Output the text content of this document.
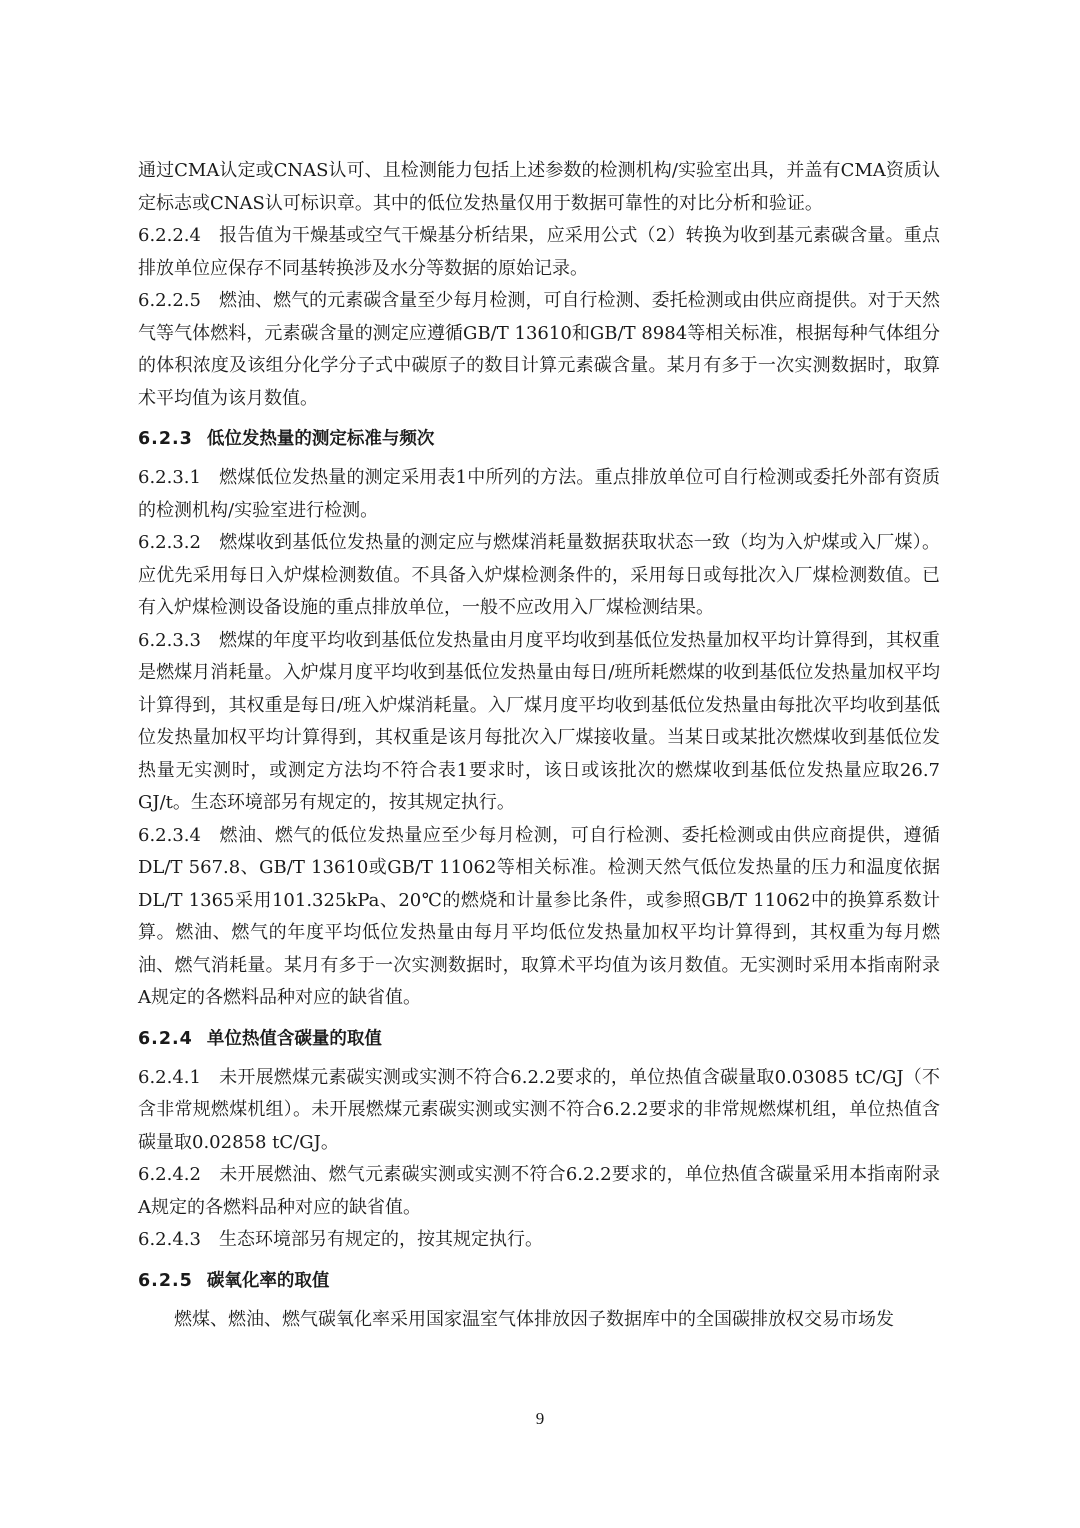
通过CMA认定或CNAS认可、且检测能力包括上述参数的检测机构/实验室出具，并盖有CMA资质认定标志或CNAS认可标识章。其中的低位发热量仅用于数据可靠性的对比分析和验证。

6.2.2.4 报告值为干燥基或空气干燥基分析结果，应采用公式（2）转换为收到基元素碳含量。重点排放单位应保存不同基转换涉及水分等数据的原始记录。

6.2.2.5 燃油、燃气的元素碳含量至少每月检测，可自行检测、委托检测或由供应商提供。对于天然气等气体燃料，元素碳含量的测定应遵循GB/T 13610和GB/T 8984等相关标准，根据每种气体组分的体积浓度及该组分化学分子式中碳原子的数目计算元素碳含量。某月有多于一次实测数据时，取算术平均值为该月数值。

6.2.3 低位发热量的测定标准与频次

6.2.3.1 燃煤低位发热量的测定采用表1中所列的方法。重点排放单位可自行检测或委托外部有资质的检测机构/实验室进行检测。

6.2.3.2 燃煤收到基低位发热量的测定应与燃煤消耗量数据获取状态一致（均为入炉煤或入厂煤）。应优先采用每日入炉煤检测数值。不具备入炉煤检测条件的，采用每日或每批次入厂煤检测数值。已有入炉煤检测设备设施的重点排放单位，一般不应改用入厂煤检测结果。

6.2.3.3 燃煤的年度平均收到基低位发热量由月度平均收到基低位发热量加权平均计算得到，其权重是燃煤月消耗量。入炉煤月度平均收到基低位发热量由每日/班所耗燃煤的收到基低位发热量加权平均计算得到，其权重是每日/班入炉煤消耗量。入厂煤月度平均收到基低位发热量由每批次平均收到基低位发热量加权平均计算得到，其权重是该月每批次入厂煤接收量。当某日或某批次燃煤收到基低位发热量无实测时，或测定方法均不符合表1要求时，该日或该批次的燃煤收到基低位发热量应取26.7 GJ/t。生态环境部另有规定的，按其规定执行。

6.2.3.4 燃油、燃气的低位发热量应至少每月检测，可自行检测、委托检测或由供应商提供，遵循DL/T 567.8、GB/T 13610或GB/T 11062等相关标准。检测天然气低位发热量的压力和温度依据DL/T 1365采用101.325kPa、20℃的燃烧和计量参比条件，或参照GB/T 11062中的换算系数计算。燃油、燃气的年度平均低位发热量由每月平均低位发热量加权平均计算得到，其权重为每月燃油、燃气消耗量。某月有多于一次实测数据时，取算术平均值为该月数值。无实测时采用本指南附录A规定的各燃料品种对应的缺省值。

6.2.4 单位热值含碳量的取值

6.2.4.1 未开展燃煤元素碳实测或实测不符合6.2.2要求的，单位热值含碳量取0.03085 tC/GJ（不含非常规燃煤机组）。未开展燃煤元素碳实测或实测不符合6.2.2要求的非常规燃煤机组，单位热值含碳量取0.02858 tC/GJ。

6.2.4.2 未开展燃油、燃气元素碳实测或实测不符合6.2.2要求的，单位热值含碳量采用本指南附录A规定的各燃料品种对应的缺省值。

6.2.4.3 生态环境部另有规定的，按其规定执行。

6.2.5 碳氧化率的取值

燃煤、燃油、燃气碳氧化率采用国家温室气体排放因子数据库中的全国碳排放权交易市场发

9
